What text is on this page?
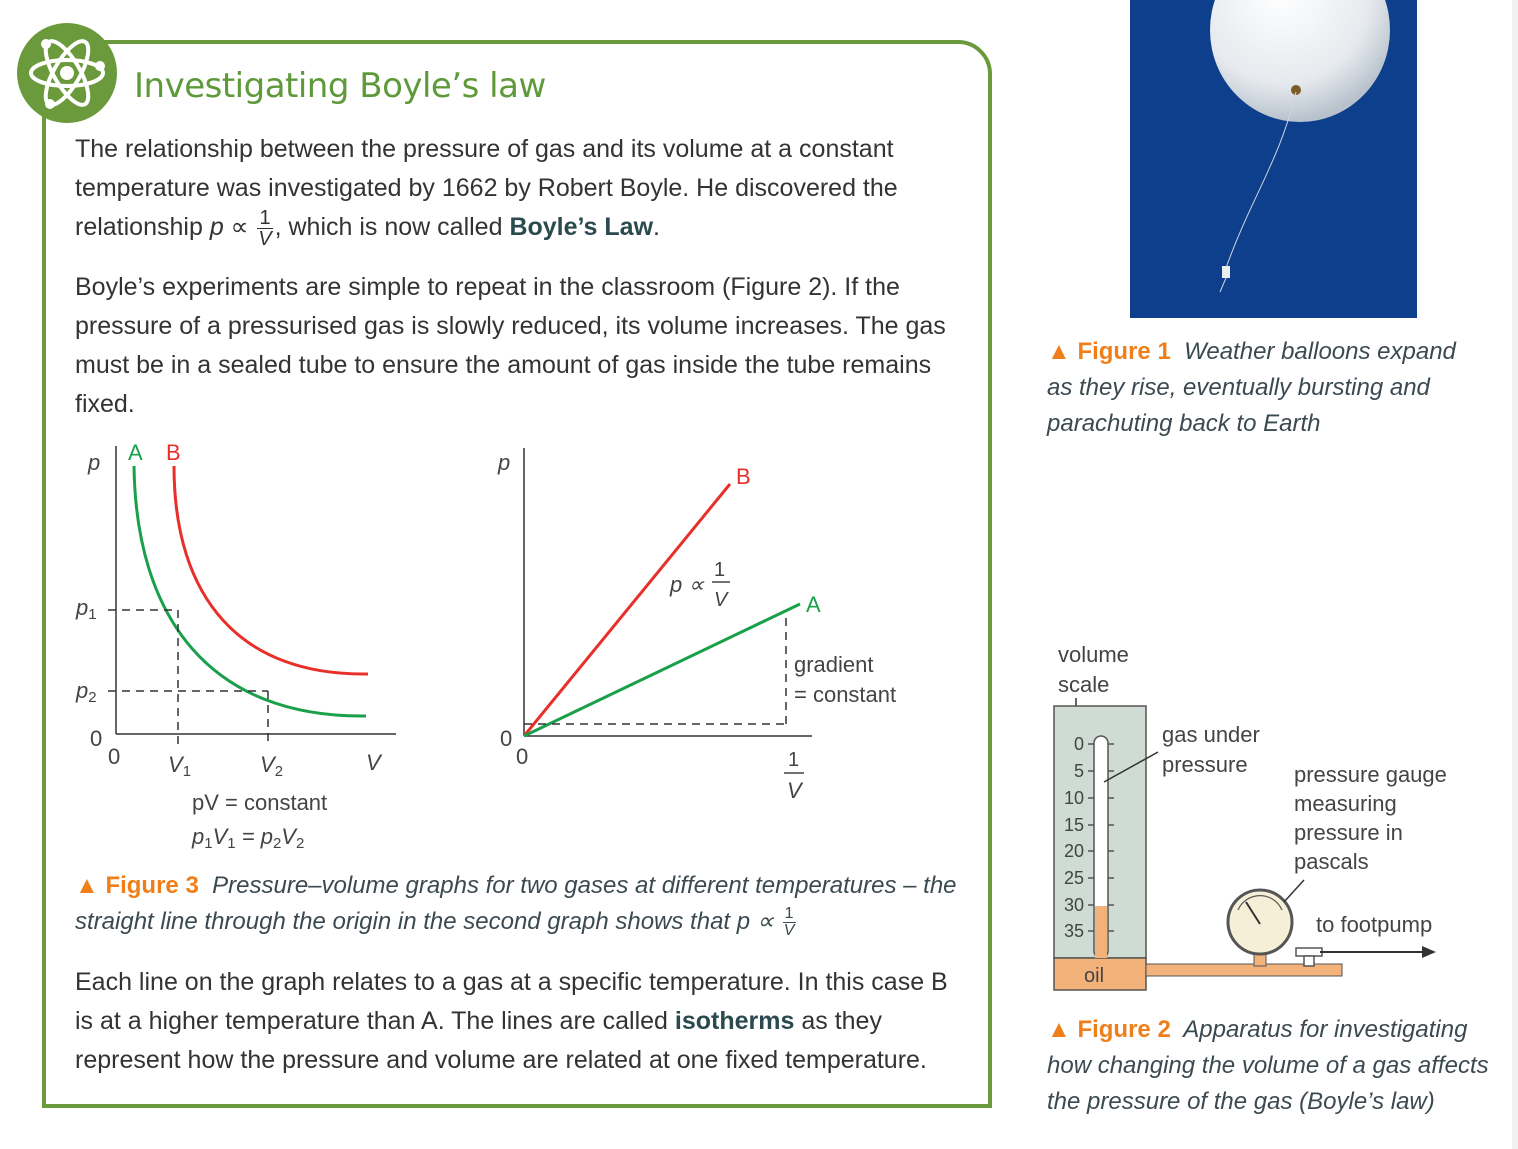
Investigating Boyle’s law
The relationship between the pressure of gas and its volume at a constant temperature was investigated by 1662 by Robert Boyle. He discovered the relationship $p \propto \frac{1}{V}$ , which is now called Boyle’s Law.
Boyle’s experiments are simple to repeat in the classroom (Figure 2). If the pressure of a pressurised gas is slowly reduced, its volume increases. The gas must be in a sealed tube to ensure the amount of gas inside the tube remains fixed.
p A B
p1
p2
0
0 V1	V2	V
pV = constant
p1V1 = p2V2
p
B
A
p ∝
1
V
gradient
= constant
0
0	1
V
▲ Figure 3 Pressure–volume graphs for two gases at different temperatures – the straight line through the origin in the second graph shows that $p \propto \frac{1}{V}$
Each line on the graph relates to a gas at a specific temperature. In this case B is at a higher temperature than A. The lines are called isotherms as they represent how the pressure and volume are related at one fixed temperature.
▲ Figure 1 Weather balloons expand
as they rise, eventually bursting and
parachuting back to Earth
volume
scale
oil
0
5
10
15
20
25
30
35
gas under
pressure pressure gauge
measuring
pressure in
pascals
to footpump
▲ Figure 2 Apparatus for investigating
how changing the volume of a gas affects
the pressure of the gas (Boyle’s law)
